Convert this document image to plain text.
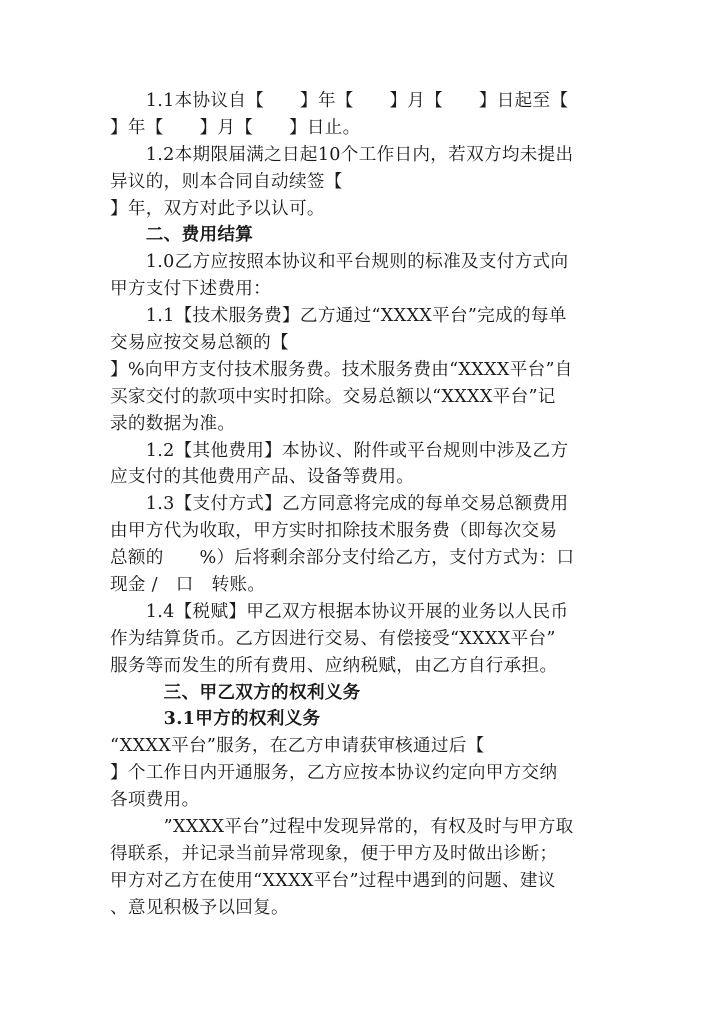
　　1.1本协议自【　　】年【　　】月【　　】日起至【
】年【　　】月【　　】日止。
　　1.2本期限届满之日起10个工作日内，若双方均未提出
异议的，则本合同自动续签【
】年，双方对此予以认可。
　　二、费用结算
　　1.0乙方应按照本协议和平台规则的标准及支付方式向
甲方支付下述费用：
　　1.1【技术服务费】乙方通过“XXXX平台”完成的每单
交易应按交易总额的【
】%向甲方支付技术服务费。技术服务费由“XXXX平台”自
买家交付的款项中实时扣除。交易总额以“XXXX平台”记
录的数据为准。
　　1.2【其他费用】本协议、附件或平台规则中涉及乙方
应支付的其他费用产品、设备等费用。
　　1.3【支付方式】乙方同意将完成的每单交易总额费用
由甲方代为收取，甲方实时扣除技术服务费（即每次交易
总额的　　%）后将剩余部分支付给乙方，支付方式为：口
现金 /　口　转账。
　　1.4【税赋】甲乙双方根据本协议开展的业务以人民币
作为结算货币。乙方因进行交易、有偿接受“XXXX平台”
服务等而发生的所有费用、应纳税赋，由乙方自行承担。
　　　三、甲乙双方的权利义务
　　　3.1甲方的权利义务
“XXXX平台”服务，在乙方申请获审核通过后【
】个工作日内开通服务，乙方应按本协议约定向甲方交纳
各项费用。
　　　”XXXX平台”过程中发现异常的，有权及时与甲方取
得联系，并记录当前异常现象，便于甲方及时做出诊断；
甲方对乙方在使用“XXXX平台”过程中遇到的问题、建议
、意见积极予以回复。
